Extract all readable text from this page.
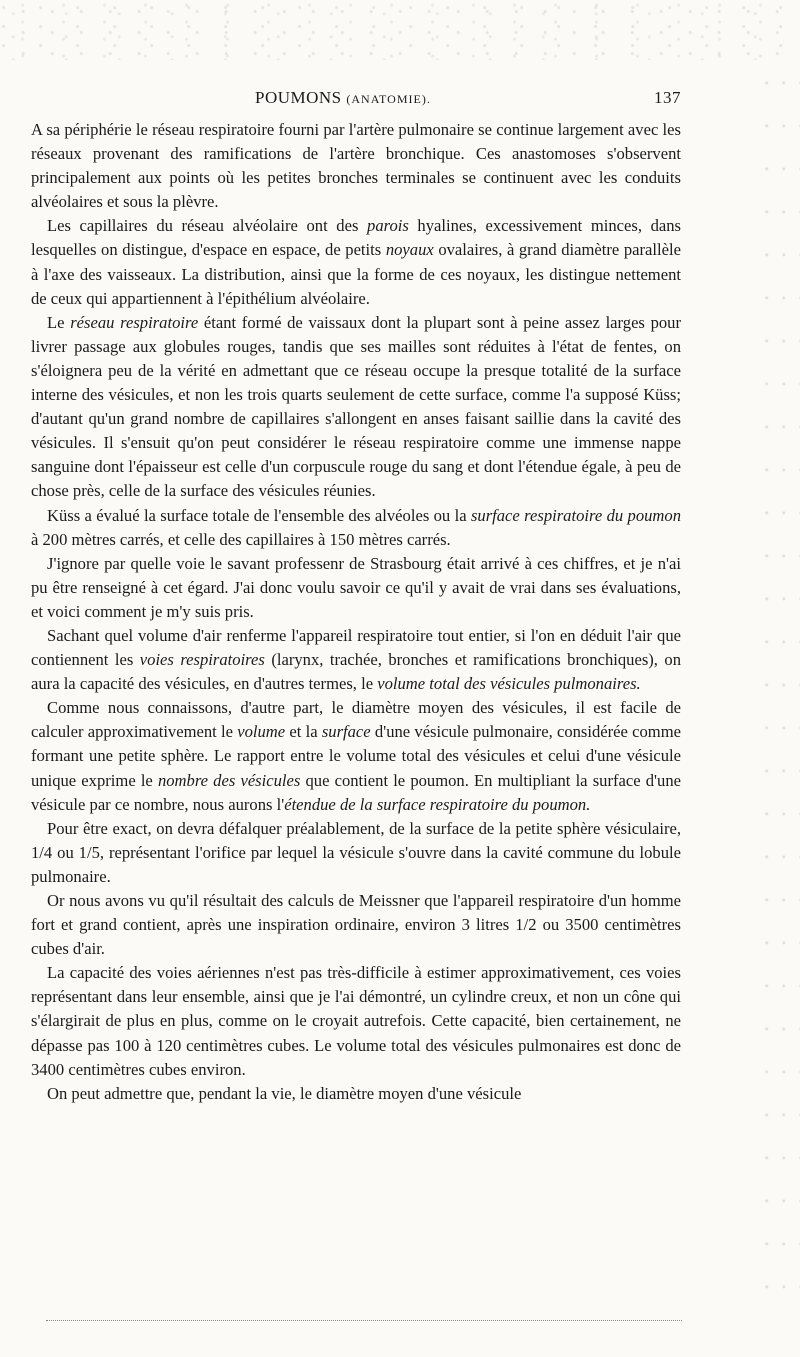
POUMONS (ANATOMIE).	137

A sa périphérie le réseau respiratoire fourni par l'artère pulmonaire se continue largement avec les réseaux provenant des ramifications de l'artère bronchique. Ces anastomoses s'observent principalement aux points où les petites bronches terminales se continuent avec les conduits alvéolaires et sous la plèvre.

Les capillaires du réseau alvéolaire ont des parois hyalines, excessivement minces, dans lesquelles on distingue, d'espace en espace, de petits noyaux ovalaires, à grand diamètre parallèle à l'axe des vaisseaux. La distribution, ainsi que la forme de ces noyaux, les distingue nettement de ceux qui appartiennent à l'épithélium alvéolaire.

Le réseau respiratoire étant formé de vaissaux dont la plupart sont à peine assez larges pour livrer passage aux globules rouges, tandis que ses mailles sont réduites à l'état de fentes, on s'éloignera peu de la vérité en admettant que ce réseau occupe la presque totalité de la surface interne des vésicules, et non les trois quarts seulement de cette surface, comme l'a supposé Küss; d'autant qu'un grand nombre de capillaires s'allongent en anses faisant saillie dans la cavité des vésicules. Il s'ensuit qu'on peut considérer le réseau respiratoire comme une immense nappe sanguine dont l'épaisseur est celle d'un corpuscule rouge du sang et dont l'étendue égale, à peu de chose près, celle de la surface des vésicules réunies.

Küss a évalué la surface totale de l'ensemble des alvéoles ou la surface respiratoire du poumon à 200 mètres carrés, et celle des capillaires à 150 mètres carrés.

J'ignore par quelle voie le savant professenr de Strasbourg était arrivé à ces chiffres, et je n'ai pu être renseigné à cet égard. J'ai donc voulu savoir ce qu'il y avait de vrai dans ses évaluations, et voici comment je m'y suis pris.

Sachant quel volume d'air renferme l'appareil respiratoire tout entier, si l'on en déduit l'air que contiennent les voies respiratoires (larynx, trachée, bronches et ramifications bronchiques), on aura la capacité des vésicules, en d'autres termes, le volume total des vésicules pulmonaires.

Comme nous connaissons, d'autre part, le diamètre moyen des vésicules, il est facile de calculer approximativement le volume et la surface d'une vésicule pulmonaire, considérée comme formant une petite sphère. Le rapport entre le volume total des vésicules et celui d'une vésicule unique exprime le nombre des vésicules que contient le poumon. En multipliant la surface d'une vésicule par ce nombre, nous aurons l'étendue de la surface respiratoire du poumon.

Pour être exact, on devra défalquer préalablement, de la surface de la petite sphère vésiculaire, 1/4 ou 1/5, représentant l'orifice par lequel la vésicule s'ouvre dans la cavité commune du lobule pulmonaire.

Or nous avons vu qu'il résultait des calculs de Meissner que l'appareil respiratoire d'un homme fort et grand contient, après une inspiration ordinaire, environ 3 litres 1/2 ou 3500 centimètres cubes d'air.

La capacité des voies aériennes n'est pas très-difficile à estimer approximativement, ces voies représentant dans leur ensemble, ainsi que je l'ai démontré, un cylindre creux, et non un cône qui s'élargirait de plus en plus, comme on le croyait autrefois. Cette capacité, bien certainement, ne dépasse pas 100 à 120 centimètres cubes. Le volume total des vésicules pulmonaires est donc de 3400 centimètres cubes environ.

On peut admettre que, pendant la vie, le diamètre moyen d'une vésicule
